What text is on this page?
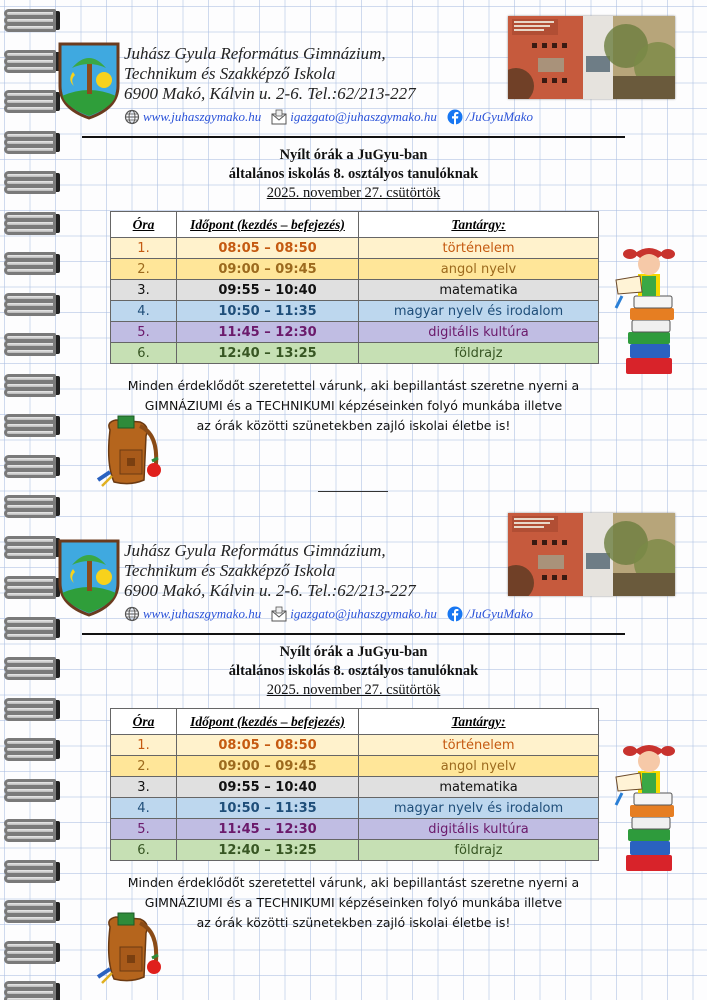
Juhász Gyula Református Gimnázium,
Technikum és Szakképző Iskola
6900 Makó, Kálvin u. 2-6. Tel.:62/213-227
www.juhaszgymako.hu igazgato@juhaszgymako.hu /JuGyuMako
Nyílt órák a JuGyu-ban
általános iskolás 8. osztályos tanulóknak
2025. november 27. csütörtök
Óra	Időpont (kezdés – befejezés)	Tantárgy:
1.	08:05 – 08:50	történelem
2.	09:00 – 09:45	angol nyelv
3.	09:55 – 10:40	matematika
4.	10:50 – 11:35	magyar nyelv és irodalom
5.	11:45 – 12:30	digitális kultúra
6.	12:40 – 13:25	földrajz
Minden érdeklődőt szeretettel várunk, aki bepillantást szeretne nyerni a
GIMNÁZIUMI és a TECHNIKUMI képzéseinken folyó munkába illetve
az órák közötti szünetekben zajló iskolai életbe is!
Juhász Gyula Református Gimnázium,
Technikum és Szakképző Iskola
6900 Makó, Kálvin u. 2-6. Tel.:62/213-227
www.juhaszgymako.hu igazgato@juhaszgymako.hu /JuGyuMako
Nyílt órák a JuGyu-ban
általános iskolás 8. osztályos tanulóknak
2025. november 27. csütörtök
Óra	Időpont (kezdés – befejezés)	Tantárgy:
1.	08:05 – 08:50	történelem
2.	09:00 – 09:45	angol nyelv
3.	09:55 – 10:40	matematika
4.	10:50 – 11:35	magyar nyelv és irodalom
5.	11:45 – 12:30	digitális kultúra
6.	12:40 – 13:25	földrajz
Minden érdeklődőt szeretettel várunk, aki bepillantást szeretne nyerni a
GIMNÁZIUMI és a TECHNIKUMI képzéseinken folyó munkába illetve
az órák közötti szünetekben zajló iskolai életbe is!
